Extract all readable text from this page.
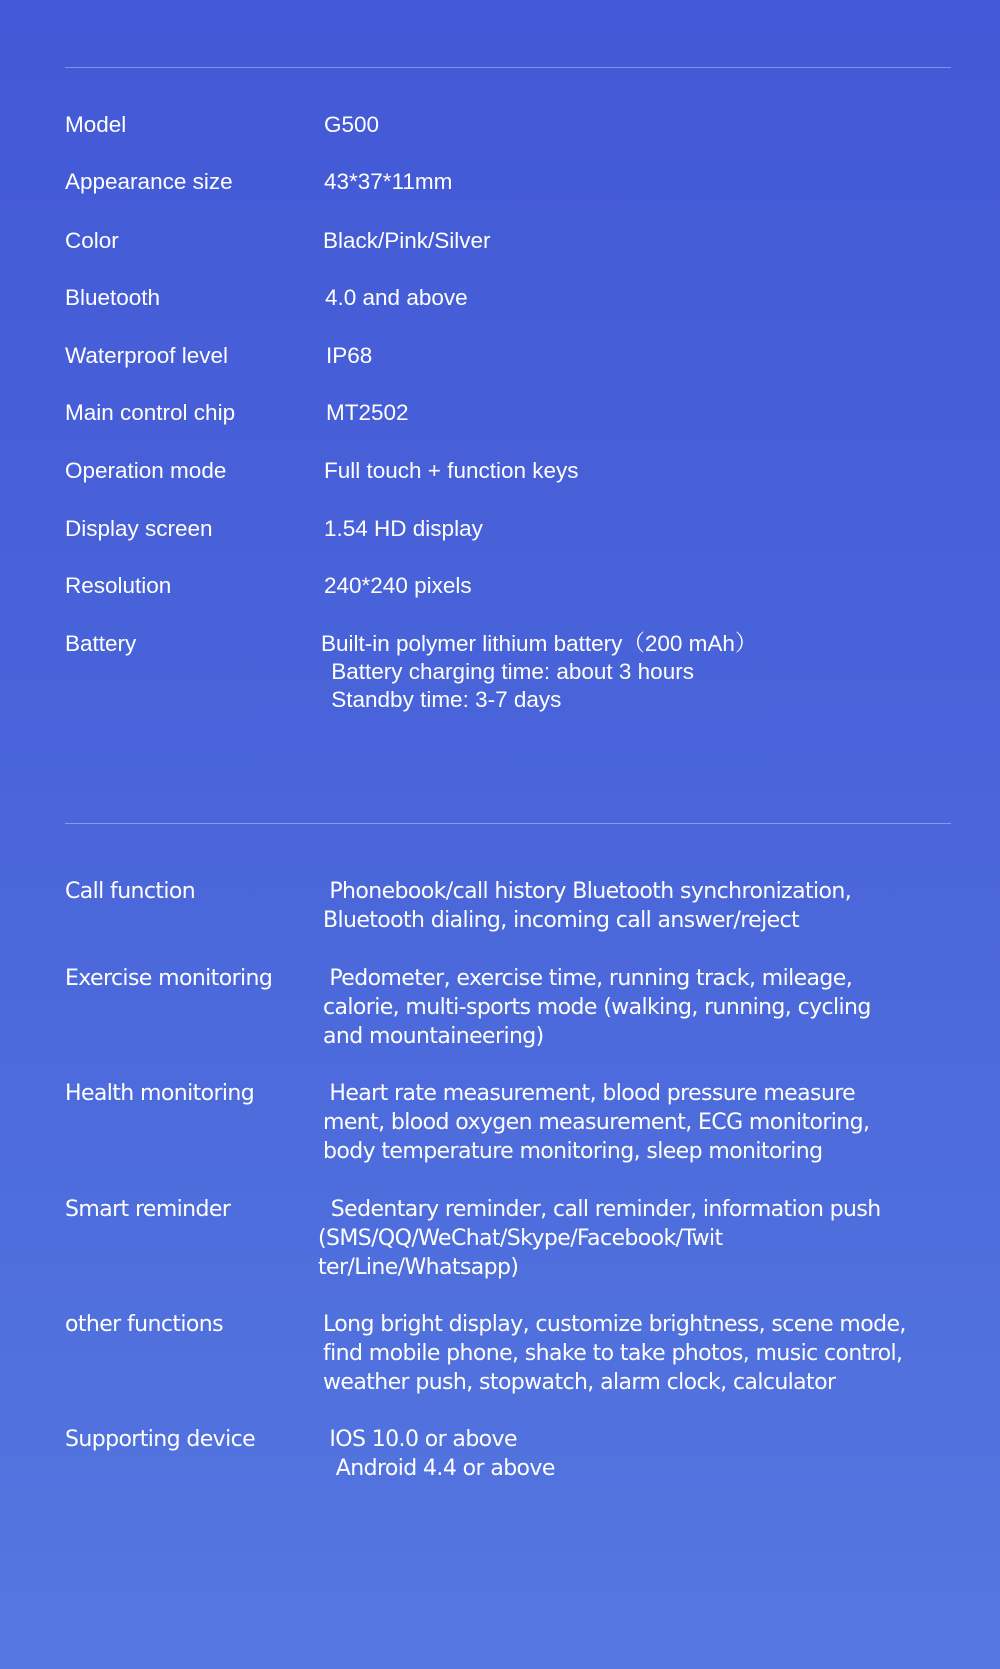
Model	G500
Appearance size	43*37*11mm
Color	Black/Pink/Silver
Bluetooth	4.0 and above
Waterproof level	IP68
Main control chip	MT2502
Operation mode	Full touch + function keys
Display screen	1.54 HD display
Resolution	240*240 pixels
Battery	Built-in polymer lithium battery（200 mAh）
Battery charging time: about 3 hours
Standby time: 3-7 days
Call function	Phonebook/call history Bluetooth synchronization,
Bluetooth dialing, incoming call answer/reject
Exercise monitoring Pedometer, exercise time, running track, mileage,
calorie, multi-sports mode (walking, running, cycling
and mountaineering)
Health monitoring	Heart rate measurement, blood pressure measure
ment, blood oxygen measurement, ECG monitoring,
body temperature monitoring, sleep monitoring
Smart reminder	Sedentary reminder, call reminder, information push
(SMS/QQ/WeChat/Skype/Facebook/Twit
ter/Line/Whatsapp)
other functions	Long bright display, customize brightness, scene mode,
find mobile phone, shake to take photos, music control,
weather push, stopwatch, alarm clock, calculator
Supporting device	IOS 10.0 or above
Android 4.4 or above
